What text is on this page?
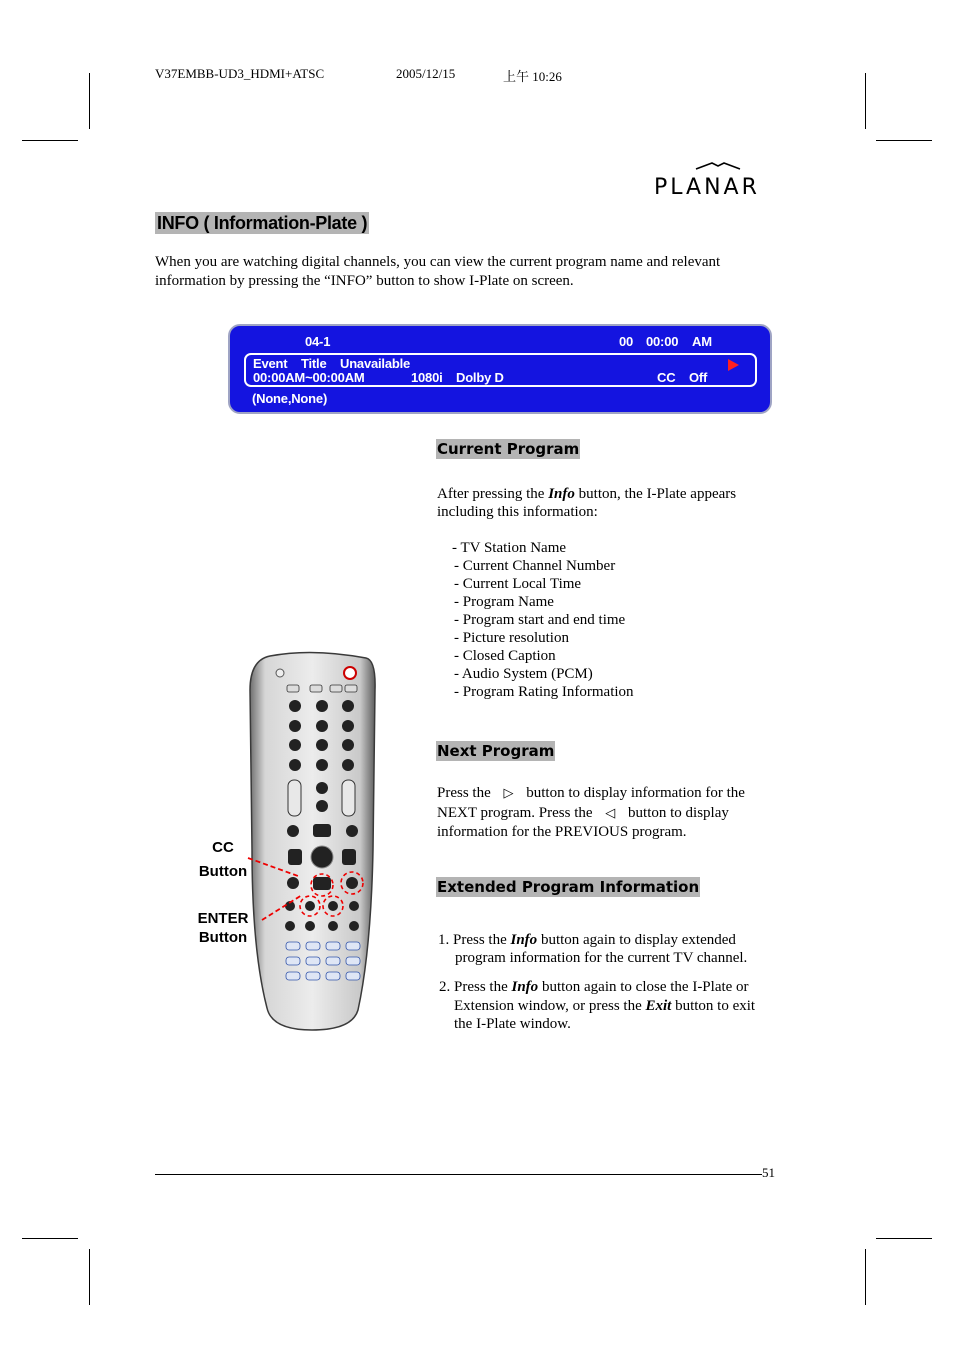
V37EMBB-UD3_HDMI+ATSC	2005/12/15	上午 10:26
PLANAR
INFO ( Information-Plate )
When you are watching digital channels, you can view the current program name and relevant
information by pressing the “INFO” button to show I-Plate on screen.
04-1	00 00:00 AM
Event Title Unavailable
00:00AM~00:00AM	1080i Dolby D	CC Off
(None,None)
Current Program
After pressing the Info button, the I-Plate appears
including this information:
- TV Station Name
- Current Channel Number
- Current Local Time
- Program Name
- Program start and end time
- Picture resolution
- Closed Caption
- Audio System (PCM)
- Program Rating Information
Next Program
Press the ▷ button to display information for the
NEXT program. Press the ◁ button to display
information for the PREVIOUS program.
Extended Program Information
1. Press the Info button again to display extended
program information for the current TV channel.
2. Press the Info button again to close the I-Plate or
Extension window, or press the Exit button to exit
the I-Plate window.
CC
Button
ENTER
Button
51
